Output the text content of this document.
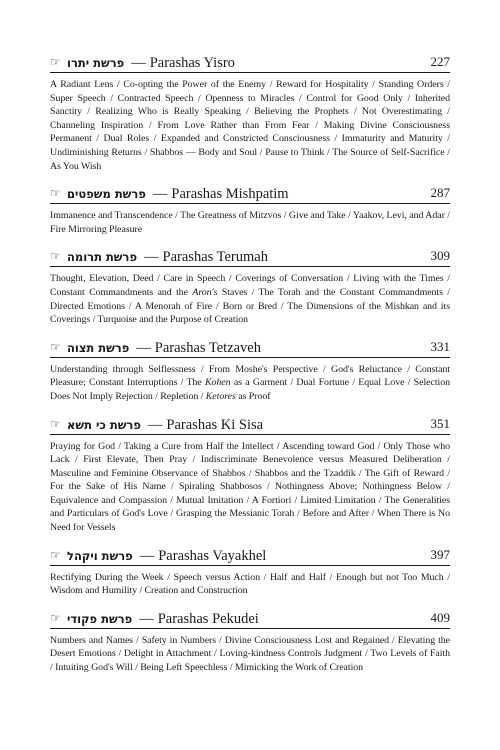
☞ פרשת יתרו — Parashas Yisro	227

A Radiant Lens / Co-opting the Power of the Enemy / Reward for Hospitality / Standing Orders / Super Speech / Contracted Speech / Openness to Miracles / Control for Good Only / Inherited Sanctity / Realizing Who is Really Speaking / Believing the Prophets / Not Overestimating / Channeling Inspiration / From Love Rather than From Fear / Making Divine Consciousness Permanent / Dual Roles / Expanded and Constricted Consciousness / Immaturity and Maturity / Undiminishing Returns / Shabbos — Body and Soul / Pause to Think / The Source of Self-Sacrifice / As You Wish

☞ פרשת משפטים — Parashas Mishpatim	287

Immanence and Transcendence / The Greatness of Mitzvos / Give and Take / Yaakov, Levi, and Adar / Fire Mirroring Pleasure

☞ פרשת תרומה — Parashas Terumah	309

Thought, Elevation, Deed / Care in Speech / Coverings of Conversation / Living with the Times / Constant Commandments and the Aron's Staves / The Torah and the Constant Commandments / Directed Emotions / A Menorah of Fire / Born or Bred / The Dimensions of the Mishkan and its Coverings / Turquoise and the Purpose of Creation

☞ פרשת תצוה — Parashas Tetzaveh	331

Understanding through Selflessness / From Moshe's Perspective / God's Reluctance / Constant Pleasure; Constant Interruptions / The Kohen as a Garment / Dual Fortune / Equal Love / Selection Does Not Imply Rejection / Repletion / Ketores as Proof

☞ פרשת כי תשא — Parashas Ki Sisa	351

Praying for God / Taking a Cure from Half the Intellect / Ascending toward God / Only Those who Lack / First Elevate, Then Pray / Indiscriminate Benevolence versus Measured Deliberation / Masculine and Feminine Observance of Shabbos / Shabbos and the Tzaddik / The Gift of Reward / For the Sake of His Name / Spiraling Shabbosos / Nothingness Above; Nothingness Below / Equivalence and Compassion / Mutual Imitation / A Fortiori / Limited Limitation / The Generalities and Particulars of God's Love / Grasping the Messianic Torah / Before and After / When There is No Need for Vessels

☞ פרשת ויקהל — Parashas Vayakhel	397

Rectifying During the Week / Speech versus Action / Half and Half / Enough but not Too Much / Wisdom and Humility / Creation and Construction

☞ פרשת פקודי — Parashas Pekudei	409

Numbers and Names / Safety in Numbers / Divine Consciousness Lost and Regained / Elevating the Desert Emotions / Delight in Attachment / Loving-kindness Controls Judgment / Two Levels of Faith / Intuiting God's Will / Being Left Speechless / Mimicking the Work of Creation
